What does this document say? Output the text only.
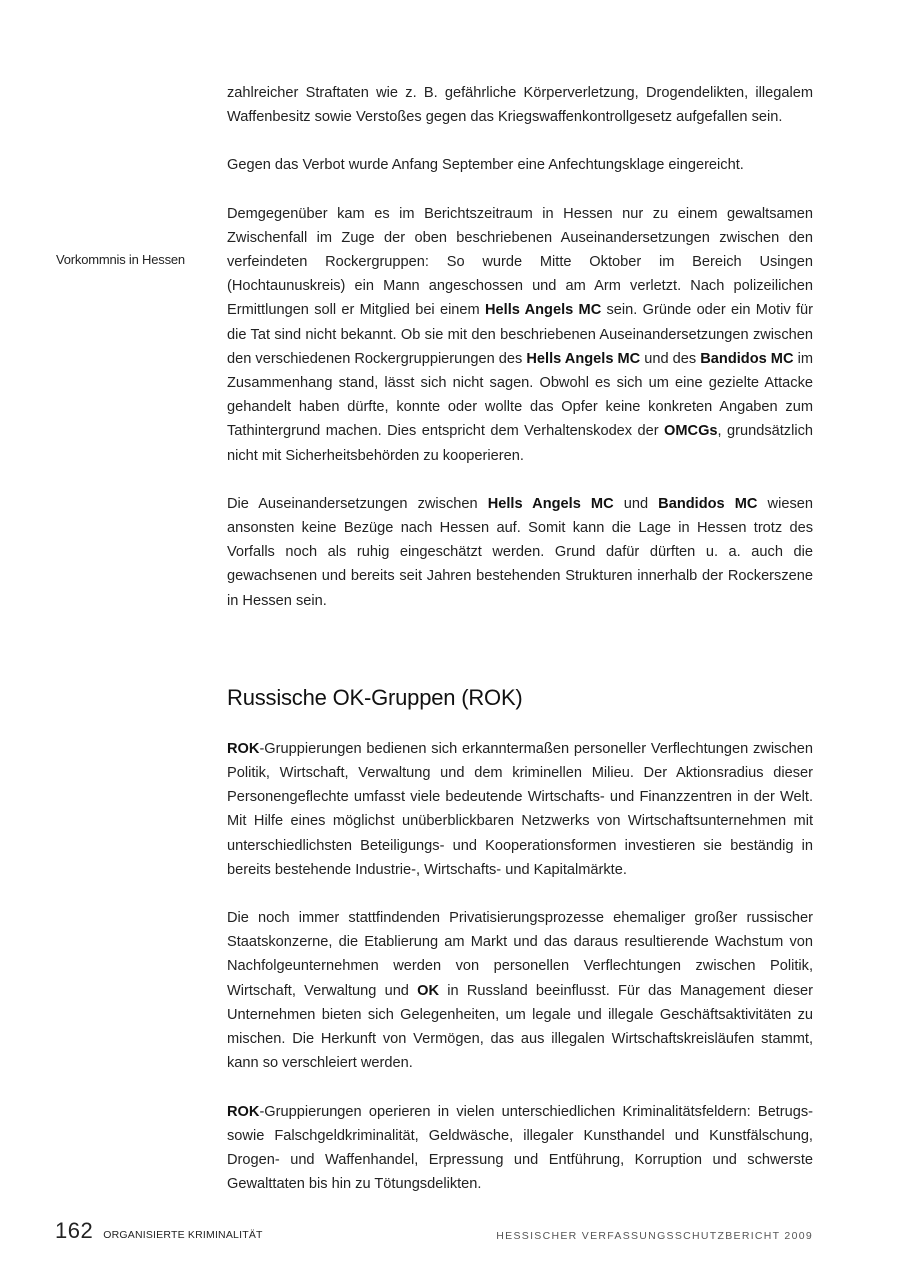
Vorkommnis in Hessen

zahlreicher Straftaten wie z. B. gefährliche Körperverletzung, Drogendelikten, illegalem Waffenbesitz sowie Verstoßes gegen das Kriegswaffenkontrollgesetz aufgefallen sein.

Gegen das Verbot wurde Anfang September eine Anfechtungsklage eingereicht.

Demgegenüber kam es im Berichtszeitraum in Hessen nur zu einem gewaltsamen Zwischenfall im Zuge der oben beschriebenen Auseinandersetzungen zwischen den verfeindeten Rockergruppen: So wurde Mitte Oktober im Bereich Usingen (Hochtaunuskreis) ein Mann angeschossen und am Arm verletzt. Nach polizeilichen Ermittlungen soll er Mitglied bei einem Hells Angels MC sein. Gründe oder ein Motiv für die Tat sind nicht bekannt. Ob sie mit den beschriebenen Auseinandersetzungen zwischen den verschiedenen Rockergruppierungen des Hells Angels MC und des Bandidos MC im Zusammenhang stand, lässt sich nicht sagen. Obwohl es sich um eine gezielte Attacke gehandelt haben dürfte, konnte oder wollte das Opfer keine konkreten Angaben zum Tathintergrund machen. Dies entspricht dem Verhaltenskodex der OMCGs, grundsätzlich nicht mit Sicherheitsbehörden zu kooperieren.

Die Auseinandersetzungen zwischen Hells Angels MC und Bandidos MC wiesen ansonsten keine Bezüge nach Hessen auf. Somit kann die Lage in Hessen trotz des Vorfalls noch als ruhig eingeschätzt werden. Grund dafür dürften u. a. auch die gewachsenen und bereits seit Jahren bestehenden Strukturen innerhalb der Rockerszene in Hessen sein.

Russische OK-Gruppen (ROK)

ROK-Gruppierungen bedienen sich erkanntermaßen personeller Verflechtungen zwischen Politik, Wirtschaft, Verwaltung und dem kriminellen Milieu. Der Aktionsradius dieser Personengeflechte umfasst viele bedeutende Wirtschafts- und Finanzzentren in der Welt. Mit Hilfe eines möglichst unüberblickbaren Netzwerks von Wirtschaftsunternehmen mit unterschiedlichsten Beteiligungs- und Kooperationsformen investieren sie beständig in bereits bestehende Industrie-, Wirtschafts- und Kapitalmärkte.

Die noch immer stattfindenden Privatisierungsprozesse ehemaliger großer russischer Staatskonzerne, die Etablierung am Markt und das daraus resultierende Wachstum von Nachfolgeunternehmen werden von personellen Verflechtungen zwischen Politik, Wirtschaft, Verwaltung und OK in Russland beeinflusst. Für das Management dieser Unternehmen bieten sich Gelegenheiten, um legale und illegale Geschäftsaktivitäten zu mischen. Die Herkunft von Vermögen, das aus illegalen Wirtschaftskreisläufen stammt, kann so verschleiert werden.

ROK-Gruppierungen operieren in vielen unterschiedlichen Kriminalitätsfeldern: Betrugs- sowie Falschgeldkriminalität, Geldwäsche, illegaler Kunsthandel und Kunstfälschung, Drogen- und Waffenhandel, Erpressung und Entführung, Korruption und schwerste Gewalttaten bis hin zu Tötungsdelikten.

162 ORGANISIERTE KRIMINALITÄT	HESSISCHER VERFASSUNGSSCHUTZBERICHT 2009
